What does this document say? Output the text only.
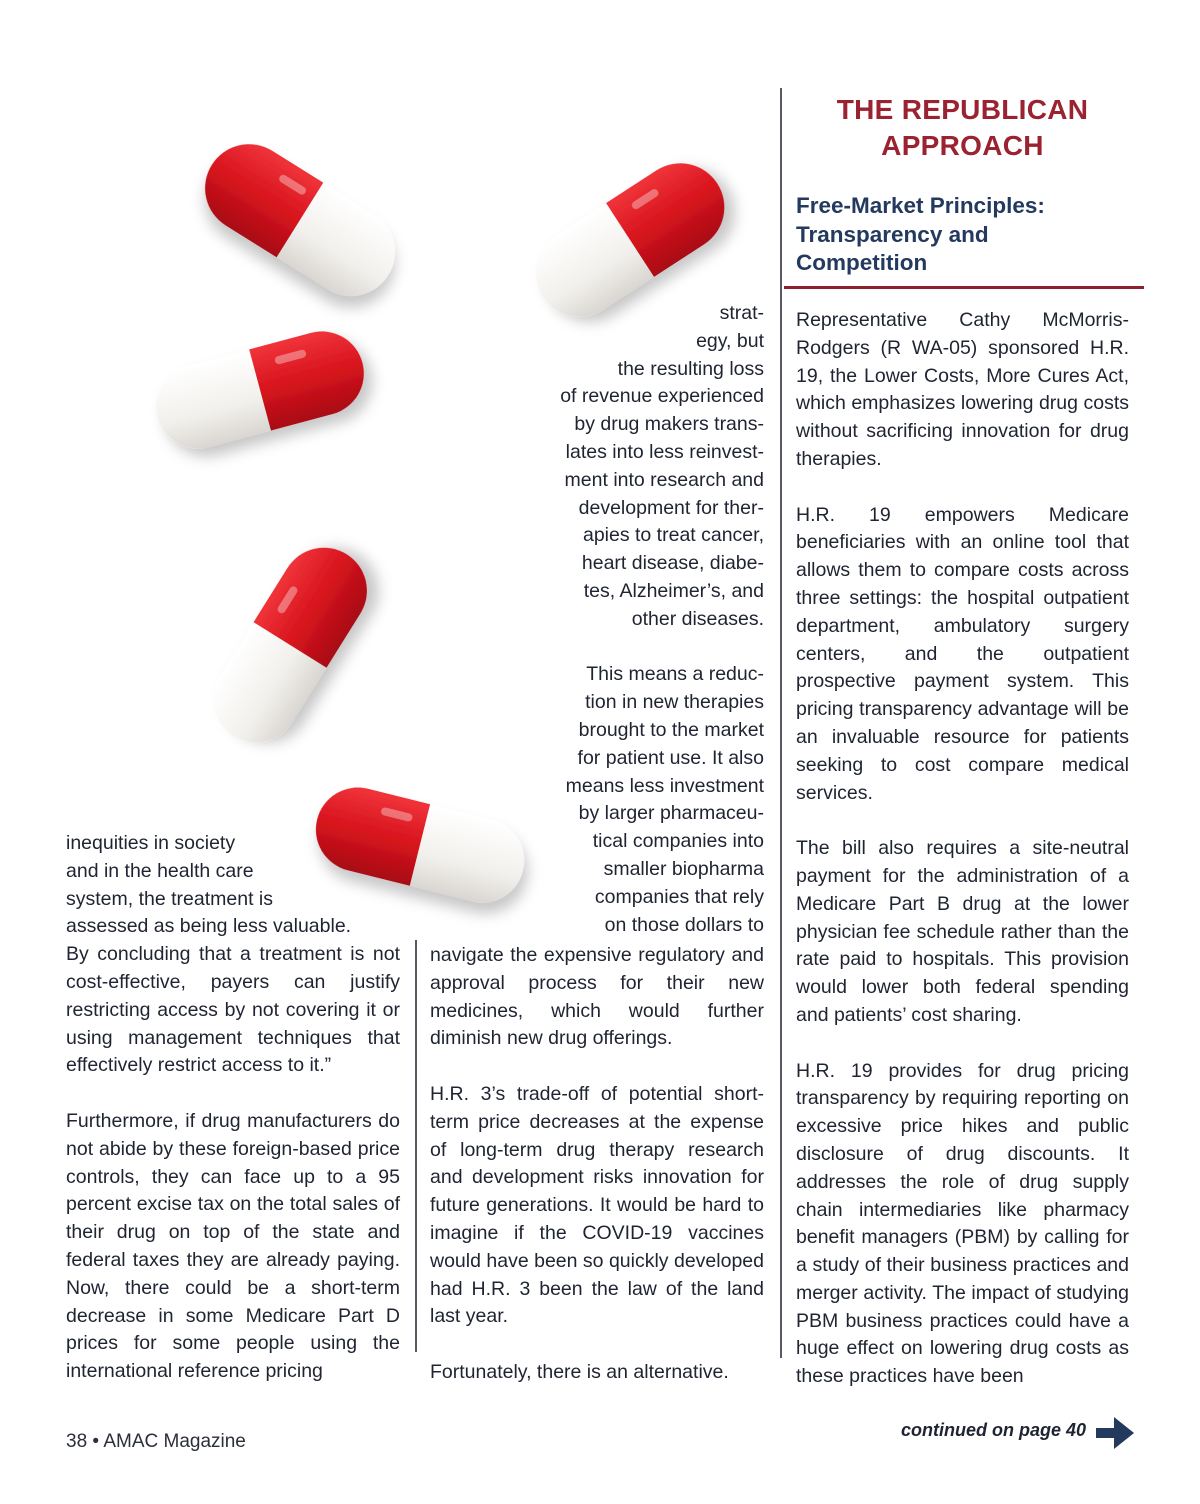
inequities in society
and in the health care
system, the treatment is
assessed as being less valuable.

By concluding that a treatment is not cost-effective, payers can justify restricting access by not covering it or using management techniques that effectively restrict access to it.”

Furthermore, if drug manufacturers do not abide by these foreign-based price controls, they can face up to a 95 percent excise tax on the total sales of their drug on top of the state and federal taxes they are already paying. Now, there could be a short-term decrease in some Medicare Part D prices for some people using the international reference pricing

strat-
egy, but
the resulting loss
of revenue experienced
by drug makers trans-
lates into less reinvest-
ment into research and
development for ther-
apies to treat cancer,
heart disease, diabe-
tes, Alzheimer’s, and
other diseases.
This means a reduc-
tion in new therapies
brought to the market
for patient use. It also
means less investment
by larger pharmaceu-
tical companies into
smaller biopharma
companies that rely
on those dollars to

navigate the expensive regulatory and approval process for their new medicines, which would further diminish new drug offerings.

H.R. 3’s trade-off of potential short-term price decreases at the expense of long-term drug therapy research and development risks innovation for future generations. It would be hard to imagine if the COVID-19 vaccines would have been so quickly developed had H.R. 3 been the law of the land last year.

Fortunately, there is an alternative.

THE REPUBLICAN
APPROACH
Free-Market Principles:
Transparency and
Competition

Representative Cathy McMorris-Rodgers (R WA-05) sponsored H.R. 19, the Lower Costs, More Cures Act, which emphasizes lowering drug costs without sacrificing innovation for drug therapies.

H.R. 19 empowers Medicare beneficiaries with an online tool that allows them to compare costs across three settings: the hospital outpatient department, ambulatory surgery centers, and the outpatient prospective payment system. This pricing transparency advantage will be an invaluable resource for patients seeking to cost compare medical services.

The bill also requires a site-neutral payment for the administration of a Medicare Part B drug at the lower physician fee schedule rather than the rate paid to hospitals. This provision would lower both federal spending and patients’ cost sharing.

H.R. 19 provides for drug pricing transparency by requiring reporting on excessive price hikes and public disclosure of drug discounts. It addresses the role of drug supply chain intermediaries like pharmacy benefit managers (PBM) by calling for a study of their business practices and merger activity. The impact of studying PBM business practices could have a huge effect on lowering drug costs as these practices have been

38 • AMAC Magazine
continued on page 40
